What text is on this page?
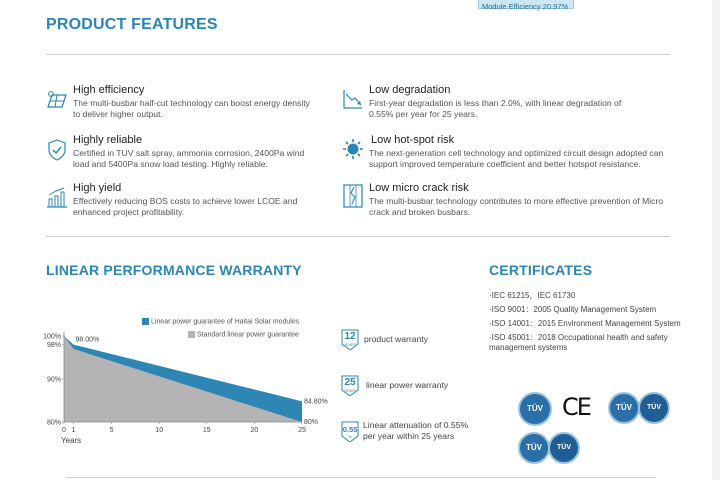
Module Efficiency 20.97%
PRODUCT FEATURES
High efficiency
The multi-busbar half-cut technology can boost energy density to deliver higher output.
Low degradation
First-year degradation is less than 2.0%, with linear degradation of 0.55% per year for 25 years.
Highly reliable
Certified in TUV salt spray, ammonia corrosion, 2400Pa wind load and 5400Pa snow load testing. Highly reliable.
Low hot-spot risk
The next-generation cell technology and optimized circuit design adopted can support improved temperature coefficient and better hotspot resistance.
High yield
Effectively reducing BOS costs to achieve lower LCOE and enhanced project profitability.
Low micro crack risk
The multi-busbar technology contributes to more effective prevention of Micro crack and broken busbars.
LINEAR PERFORMANCE WARRANTY
Linear power guarantee of Haitai Solar modules
Standard linear power guarantee
100%
98%
90%
80%
0 1	5	10	15	20	25
Years
98.00%
84.80%
80%
12
YEARS
product warranty
25
YEARS
linear power warranty
0.55
%
Linear attenuation of 0.55% per year within 25 years
CERTIFICATES
·IEC 61215，IEC 61730
·ISO 9001：2005 Quality Management System
·ISO 14001：2015 Environment Management System
·ISO 45001：2018 Occupational health and safety management systems
TÜV CE	TÜV	TÜV
TÜV	TÜV
